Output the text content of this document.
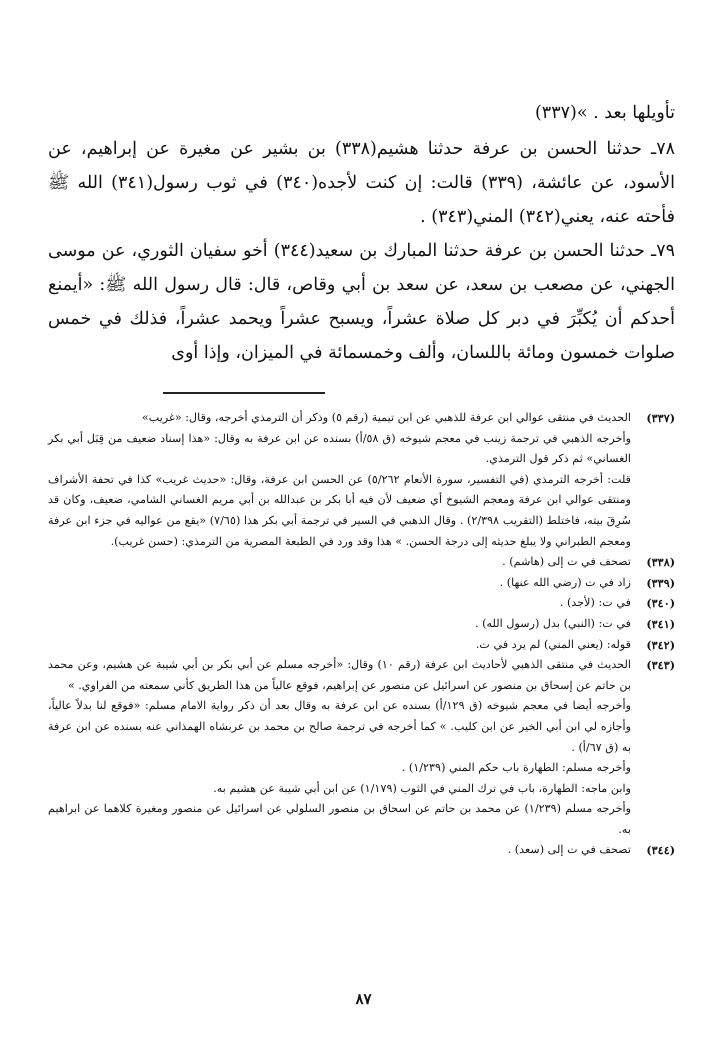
تأويلها بعد . »(٣٣٧)

٧٨ـ حدثنا الحسن بن عرفة حدثنا هشيم(٣٣٨) بن بشير عن مغيرة عن إبراهيم، عن الأسود، عن عائشة، (٣٣٩) قالت: إن كنت لأجده(٣٤٠) في ثوب رسول(٣٤١) الله ﷺ فأحته عنه، يعني(٣٤٢) المني(٣٤٣) .

٧٩ـ حدثنا الحسن بن عرفة حدثنا المبارك بن سعيد(٣٤٤) أخو سفيان الثوري، عن موسى الجهني، عن مصعب بن سعد، عن سعد بن أبي وقاص، قال: قال رسول الله ﷺ: «أيمنع أحدكم أن يُكبِّرَ في دبر كل صلاة عشراً، ويسبح عشراً ويحمد عشراً، فذلك في خمس صلوات خمسون ومائة باللسان، وألف وخمسمائة في الميزان، وإذا أوى

(٣٣٧)
الحديث في منتقى عوالي ابن عرفة للذهبي عن ابن تيمية (رقم ٥) وذكر أن الترمذي أخرجه، وقال: «غريب»
وأخرجه الذهبي في ترجمة زينب في معجم شيوخه (ق ٥٨/أ) بسنده عن ابن عرفة به وقال: «هذا إسناد ضعيف من قِبَل أبي بكر الغساني» ثم ذكر قول الترمذي.
قلت: أخرجه الترمذي (في التفسير، سورة الأنعام ٥/٢٦٢) عن الحسن ابن عرفة، وقال: «حديث غريب» كذا في تحفة الأشراف ومنتقى عوالي ابن عرفة ومعجم الشيوخ أي ضعيف لأن فيه أبا بكر بن عبدالله بن أبي مريم الغساني الشامي، ضعيف، وكان قد سُرِقَ بيته، فاختلط (التقريب ٢/٣٩٨) . وقال الذهبي في السير في ترجمة أبي بكر هذا (٧/٦٥) «يقع من عواليه في جزء ابن عرفة ومعجم الطبراني ولا يبلغ حديثه إلى درجة الحسن. » هذا وقد ورد في الطبعة المصرية من الترمذي: (حسن غريب).
(٣٣٨)
تصحف في ت إلى (هاشم) .
(٣٣٩)
زاد في ت (رضي الله عنها) .
(٣٤٠)
في ت: (لأجد) .
(٣٤١)
في ت: (النبي) بدل (رسول الله) .
(٣٤٢)
قوله: (يعني المني) لم يرد في ت.
(٣٤٣)
الحديث في منتقى الذهبي لأحاديث ابن عرفة (رقم ١٠) وقال: «أخرجه مسلم عن أبي بكر بن أبي شيبة عن هشيم، وعن محمد بن حاتم عن إسحاق بن منصور عن اسرائيل عن منصور عن إبراهيم، فوقع عالياً من هذا الطريق كأني سمعته من الفراوي. »
وأخرجه أيضا في معجم شيوخه (ق ١٢٩/أ) بسنده عن ابن عرفة به وقال بعد أن ذكر رواية الامام مسلم: «فوقع لنا بدلاً عالياً، وأجازه لي ابن أبي الخير عن ابن كليب. » كما أخرجه في ترجمة صالح بن محمد بن عربشاه الهمذاني عنه بسنده عن ابن عرفة به (ق ٦٧/أ) .
وأخرجه مسلم: الطهارة باب حكم المني (١/٢٣٩) .
وابن ماجه: الطهارة، باب في ترك المني في الثوب (١/١٧٩) عن ابن أبي شيبة عن هشيم به.
وأخرجه مسلم (١/٢٣٩) عن محمد بن حاتم عن اسحاق بن منصور السلولي عن اسرائيل عن منصور ومغيرة كلاهما عن ابراهيم به.
(٣٤٤)
تصحف في ت إلى (سعد) .
٨٧
